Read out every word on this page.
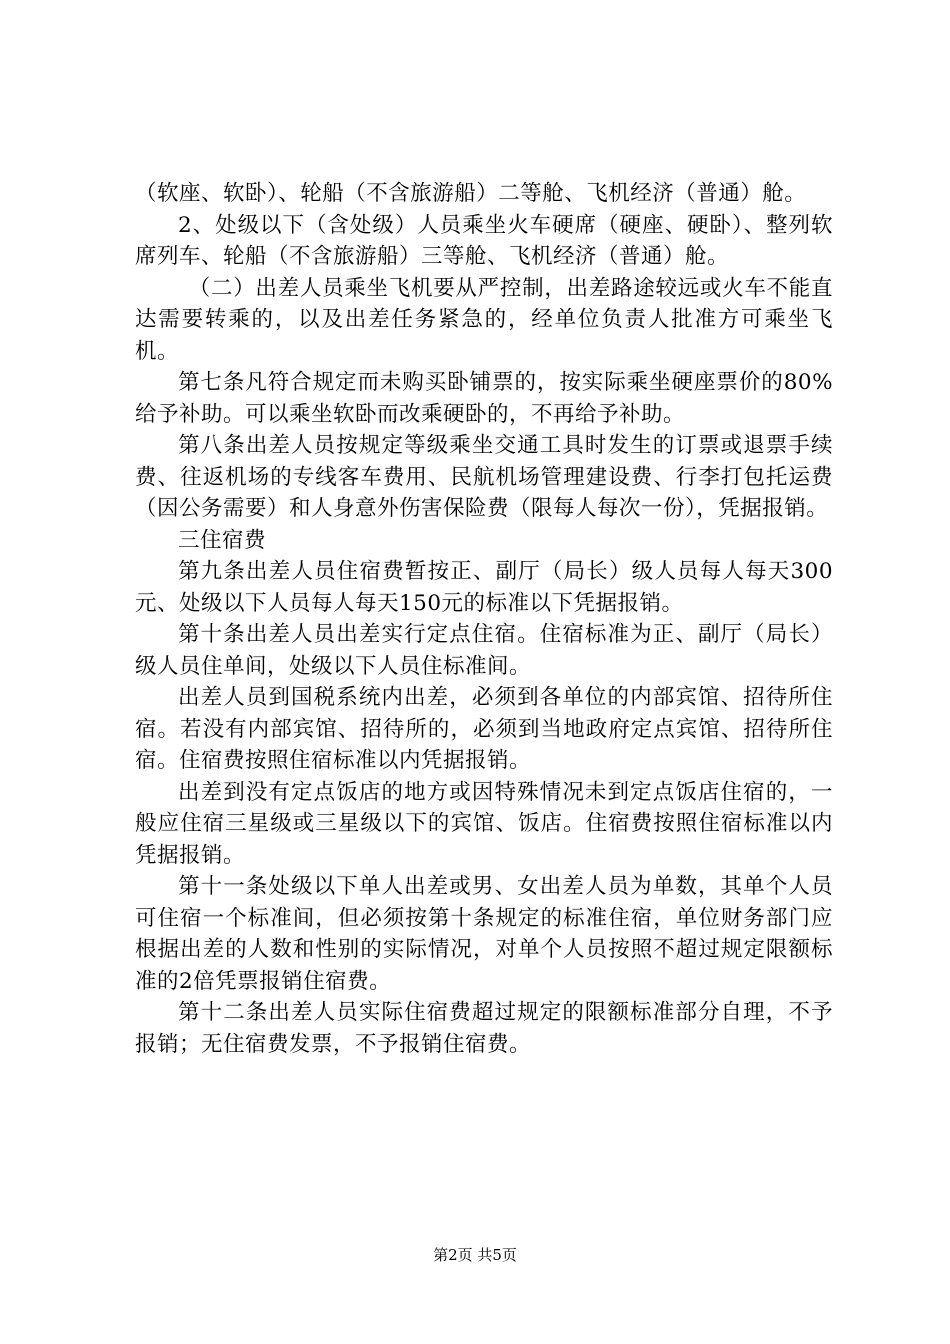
（软座、软卧）、轮船（不含旅游船）二等舱、飞机经济（普通）舱。

2、处级以下（含处级）人员乘坐火车硬席（硬座、硬卧）、整列软席列车、轮船（不含旅游船）三等舱、飞机经济（普通）舱。

（二）出差人员乘坐飞机要从严控制，出差路途较远或火车不能直达需要转乘的，以及出差任务紧急的，经单位负责人批准方可乘坐飞机。

第七条凡符合规定而未购买卧铺票的，按实际乘坐硬座票价的80%给予补助。可以乘坐软卧而改乘硬卧的，不再给予补助。

第八条出差人员按规定等级乘坐交通工具时发生的订票或退票手续费、往返机场的专线客车费用、民航机场管理建设费、行李打包托运费（因公务需要）和人身意外伤害保险费（限每人每次一份），凭据报销。

三住宿费

第九条出差人员住宿费暂按正、副厅（局长）级人员每人每天300元、处级以下人员每人每天150元的标准以下凭据报销。

第十条出差人员出差实行定点住宿。住宿标准为正、副厅（局长）级人员住单间，处级以下人员住标准间。

出差人员到国税系统内出差，必须到各单位的内部宾馆、招待所住宿。若没有内部宾馆、招待所的，必须到当地政府定点宾馆、招待所住宿。住宿费按照住宿标准以内凭据报销。

出差到没有定点饭店的地方或因特殊情况未到定点饭店住宿的，一般应住宿三星级或三星级以下的宾馆、饭店。住宿费按照住宿标准以内凭据报销。

第十一条处级以下单人出差或男、女出差人员为单数，其单个人员可住宿一个标准间，但必须按第十条规定的标准住宿，单位财务部门应根据出差的人数和性别的实际情况，对单个人员按照不超过规定限额标准的2倍凭票报销住宿费。

第十二条出差人员实际住宿费超过规定的限额标准部分自理，不予报销；无住宿费发票，不予报销住宿费。

第2页 共5页
